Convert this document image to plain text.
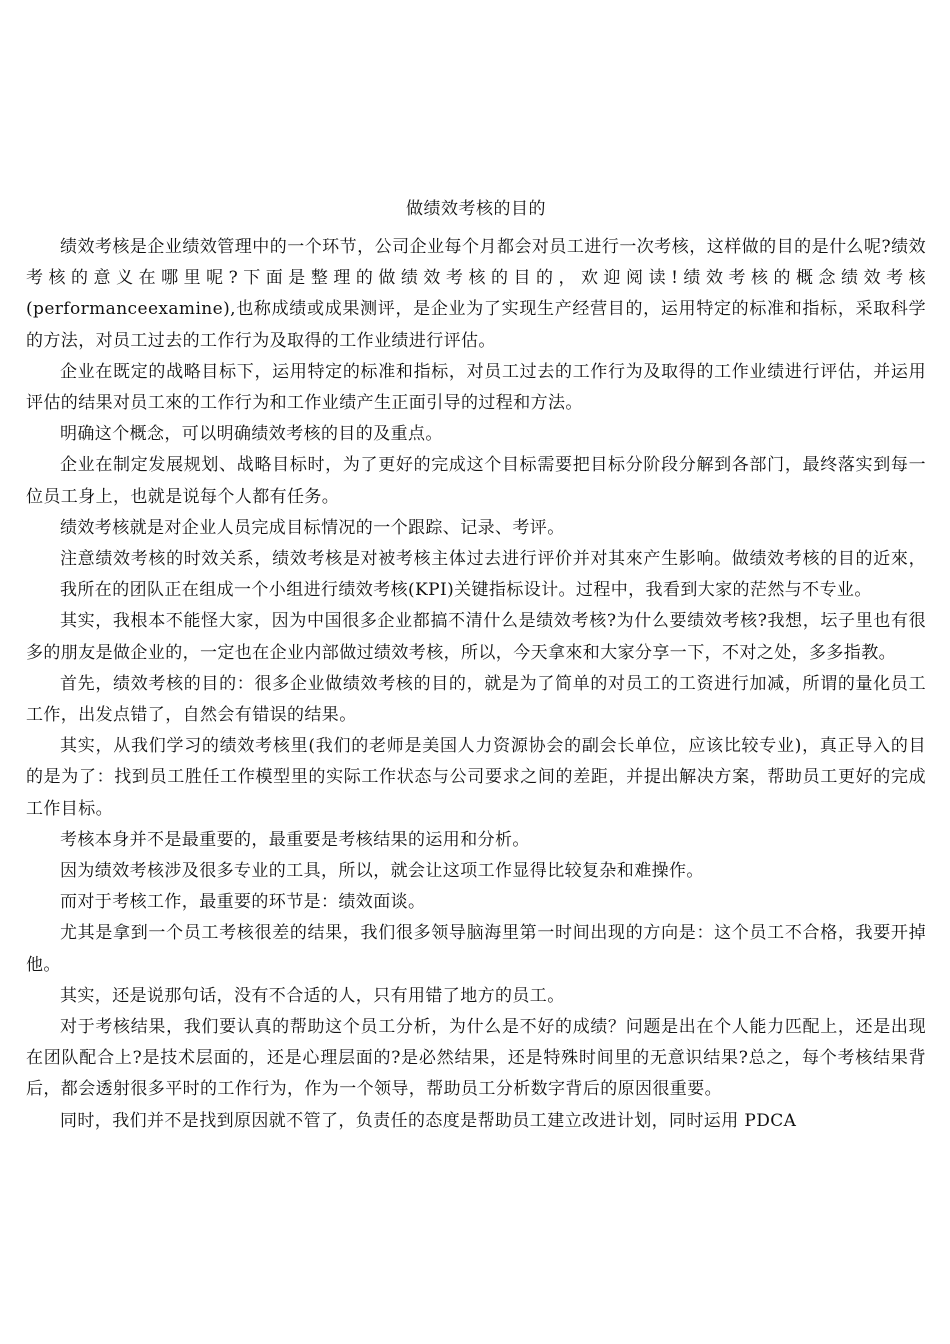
做绩效考核的目的

绩效考核是企业绩效管理中的一个环节，公司企业每个月都会对员工进行一次考核，这样做的目的是什么呢?绩效考核的意义在哪里呢?下面是整理的做绩效考核的目的，欢迎阅读!绩效考核的概念绩效考核(performanceexamine),也称成绩或成果测评，是企业为了实现生产经营目的，运用特定的标准和指标，采取科学的方法，对员工过去的工作行为及取得的工作业绩进行评估。

企业在既定的战略目标下，运用特定的标准和指标，对员工过去的工作行为及取得的工作业绩进行评估，并运用评估的结果对员工來的工作行为和工作业绩产生正面引导的过程和方法。

明确这个概念，可以明确绩效考核的目的及重点。

企业在制定发展规划、战略目标时，为了更好的完成这个目标需要把目标分阶段分解到各部门，最终落实到每一位员工身上，也就是说每个人都有任务。

绩效考核就是对企业人员完成目标情况的一个跟踪、记录、考评。

注意绩效考核的时效关系，绩效考核是对被考核主体过去进行评价并对其來产生影响。做绩效考核的目的近來，我所在的团队正在组成一个小组进行绩效考核(KPI)关键指标设计。过程中，我看到大家的茫然与不专业。

其实，我根本不能怪大家，因为中国很多企业都搞不清什么是绩效考核?为什么要绩效考核?我想，坛子里也有很多的朋友是做企业的，一定也在企业内部做过绩效考核，所以，今天拿來和大家分享一下，不对之处，多多指教。

首先，绩效考核的目的：很多企业做绩效考核的目的，就是为了简单的对员工的工资进行加减，所谓的量化员工工作，出发点错了，自然会有错误的结果。

其实，从我们学习的绩效考核里(我们的老师是美国人力资源协会的副会长单位，应该比较专业)，真正导入的目的是为了：找到员工胜任工作模型里的实际工作状态与公司要求之间的差距，并提出解决方案，帮助员工更好的完成工作目标。

考核本身并不是最重要的，最重要是考核结果的运用和分析。

因为绩效考核涉及很多专业的工具，所以，就会让这项工作显得比较复杂和难操作。

而对于考核工作，最重要的环节是：绩效面谈。

尤其是拿到一个员工考核很差的结果，我们很多领导脑海里第一时间出现的方向是：这个员工不合格，我要开掉他。

其实，还是说那句话，没有不合适的人，只有用错了地方的员工。

对于考核结果，我们要认真的帮助这个员工分析，为什么是不好的成绩？问题是出在个人能力匹配上，还是出现在团队配合上?是技术层面的，还是心理层面的?是必然结果，还是特殊时间里的无意识结果?总之，每个考核结果背后，都会透射很多平时的工作行为，作为一个领导，帮助员工分析数字背后的原因很重要。

同时，我们并不是找到原因就不管了，负责任的态度是帮助员工建立改进计划，同时运用 PDCA
